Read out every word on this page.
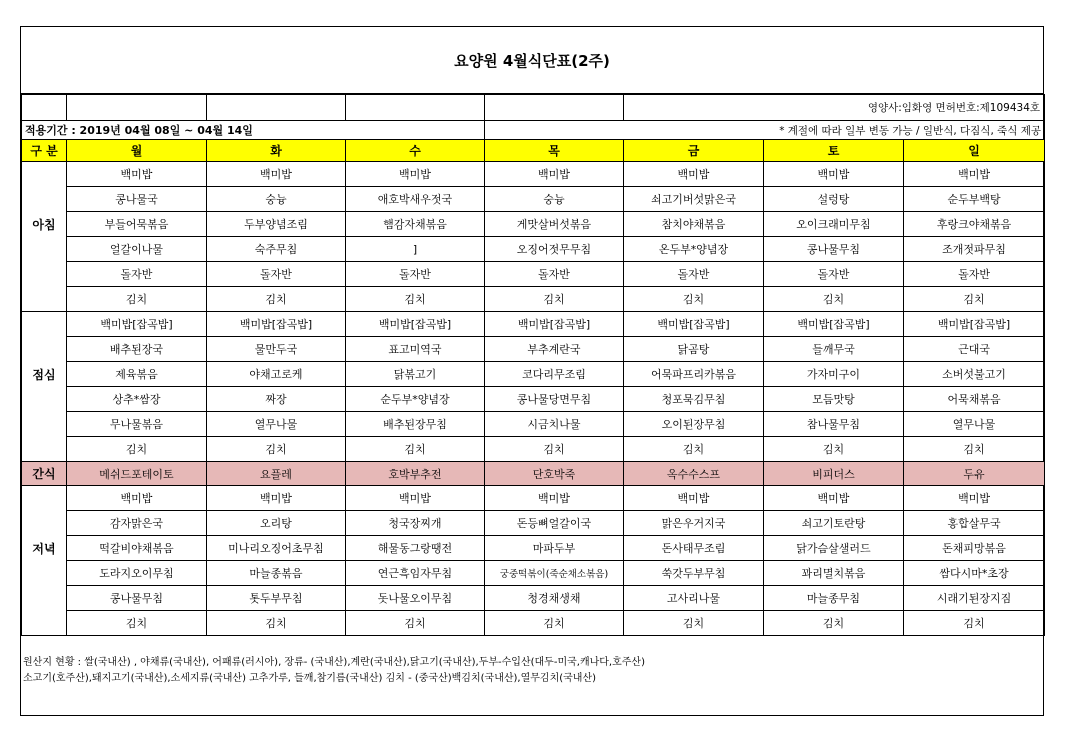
요양원 4월식단표(2주)
					영양사:임화영 면허번호:제109434호		
적용기간 : 2019년 04월 08일 ~ 04월 14일				* 계절에 따라 일부 변동 가능 / 일반식, 다짐식, 죽식 제공			
구 분	월	화	수	목	금	토	일
	백미밥	백미밥	백미밥	백미밥	백미밥	백미밥	백미밥
	콩나물국	숭늉	애호박새우젓국	숭늉	쇠고기버섯맑은국	설렁탕	순두부백탕
아침	부들어묵볶음	두부양념조림	햄감자채볶음	게맛살버섯볶음	참치야채볶음	오이크래미무침	후랑크야채볶음
	얼갈이나물	숙주무침	]	오징어젓무무침	온두부*양념장	콩나물무침	조개젓파무침
	돌자반	돌자반	돌자반	돌자반	돌자반	돌자반	돌자반
	김치	김치	김치	김치	김치	김치	김치
	백미밥[잡곡밥]	백미밥[잡곡밥]	백미밥[잡곡밥]	백미밥[잡곡밥]	백미밥[잡곡밥]	백미밥[잡곡밥]	백미밥[잡곡밥]
	배추된장국	물만두국	표고미역국	부추계란국	닭곰탕	들깨무국	근대국
점심	제육볶음	야채고로케	닭볶고기	코다리무조림	어묵파프리카볶음	가자미구이	소버섯불고기
	상추*쌈장	짜장	순두부*양념장	콩나물당면무침	청포묵김무침	모듬맛탕	어묵채볶음
	무나물볶음	열무나물	배추된장무침	시금치나물	오이된장무침	참나물무침	열무나물
	김치	김치	김치	김치	김치	김치	김치
간식	메쉬드포테이토	요플레	호박부추전	단호박죽	옥수수스프	비피더스	두유
	백미밥	백미밥	백미밥	백미밥	백미밥	백미밥	백미밥
	감자맑은국	오리탕	청국장찌개	돈등뼈얼갈이국	맑은우거지국	쇠고기토란탕	홍합살무국
저녁	떡갈비야채볶음	미나리오징어초무침	해물동그랑땡전	마파두부	돈사태무조림	닭가슴살샐러드	돈채피망볶음
	도라지오이무침	마늘종볶음	연근흑임자무침	궁중떡볶이(죽순채소볶음)	쑥갓두부무침	꽈리멸치볶음	쌈다시마*초장
	콩나물무침	톳두부무침	돗나물오이무침	청경채생채	고사리나물	마늘종무침	시래기된장지짐
	김치	김치	김치	김치	김치	김치	김치
원산지 현황 : 쌀(국내산) , 야채류(국내산), 어패류(러시아), 장류- (국내산),계란(국내산),닭고기(국내산),두부-수입산(대두-미국,캐나다,호주산)
소고기(호주산),돼지고기(국내산),소세지류(국내산) 고추가루, 들깨,참기름(국내산) 김치 - (중국산)백김치(국내산),열무김치(국내산)
